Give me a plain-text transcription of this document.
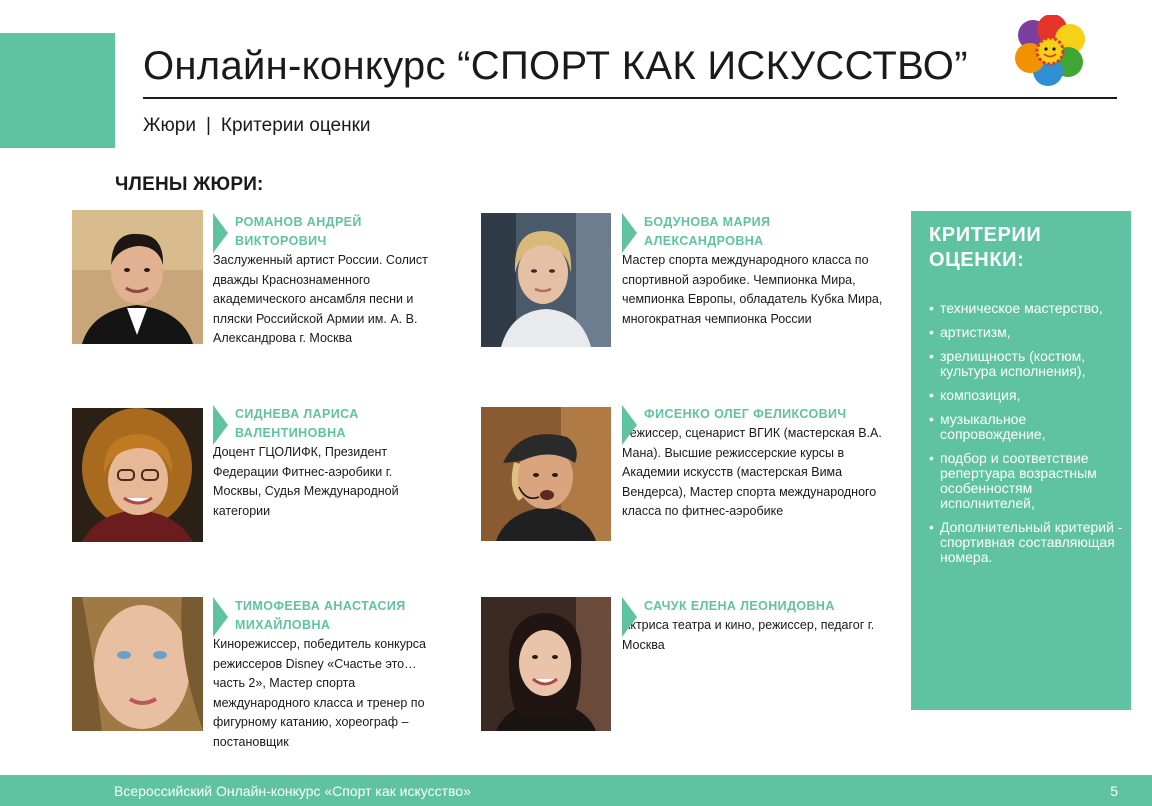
Онлайн-конкурс “СПОРТ КАК ИСКУССТВО”
Жюри | Критерии оценки
ЧЛЕНЫ ЖЮРИ:
РОМАНОВ АНДРЕЙ ВИКТОРОВИЧ
Заслуженный артист России. Солист дважды Краснознаменного академического ансамбля песни и пляски Российской Армии им. А. В. Александрова г. Москва
БОДУНОВА МАРИЯ АЛЕКСАНДРОВНА
Мастер спорта международного класса по спортивной аэробике. Чемпионка Мира, чемпионка Европы, обладатель Кубка Мира, многократная чемпионка России
СИДНЕВА ЛАРИСА ВАЛЕНТИНОВНА
Доцент ГЦОЛИФК, Президент Федерации Фитнес-аэробики г. Москвы, Судья Международной категории
ФИСЕНКО ОЛЕГ ФЕЛИКСОВИЧ
Режиссер, сценарист ВГИК (мастерская В.А. Мана). Высшие режиссерские курсы в Академии искусств (мастерская Вима Вендерса), Мастер спорта международного класса по фитнес-аэробике
ТИМОФЕЕВА АНАСТАСИЯ МИХАЙЛОВНА
Кинорежиссер, победитель конкурса режиссеров Disney «Счастье это…часть 2», Мастер спорта международного класса и тренер по фигурному катанию, хореограф – постановщик
САЧУК ЕЛЕНА ЛЕОНИДОВНА
Актриса театра и кино, режиссер, педагог г. Москва
КРИТЕРИИ ОЦЕНКИ:
• техническое мастерство,
• артистизм,
• зрелищность (костюм, культура исполнения),
• композиция,
• музыкальное сопровождение,
• подбор и соответствие репертуара возрастным особенностям исполнителей,
• Дополнительный критерий - спортивная составляющая номера.
Всероссийский Онлайн-конкурс «Спорт как искусство»	5
